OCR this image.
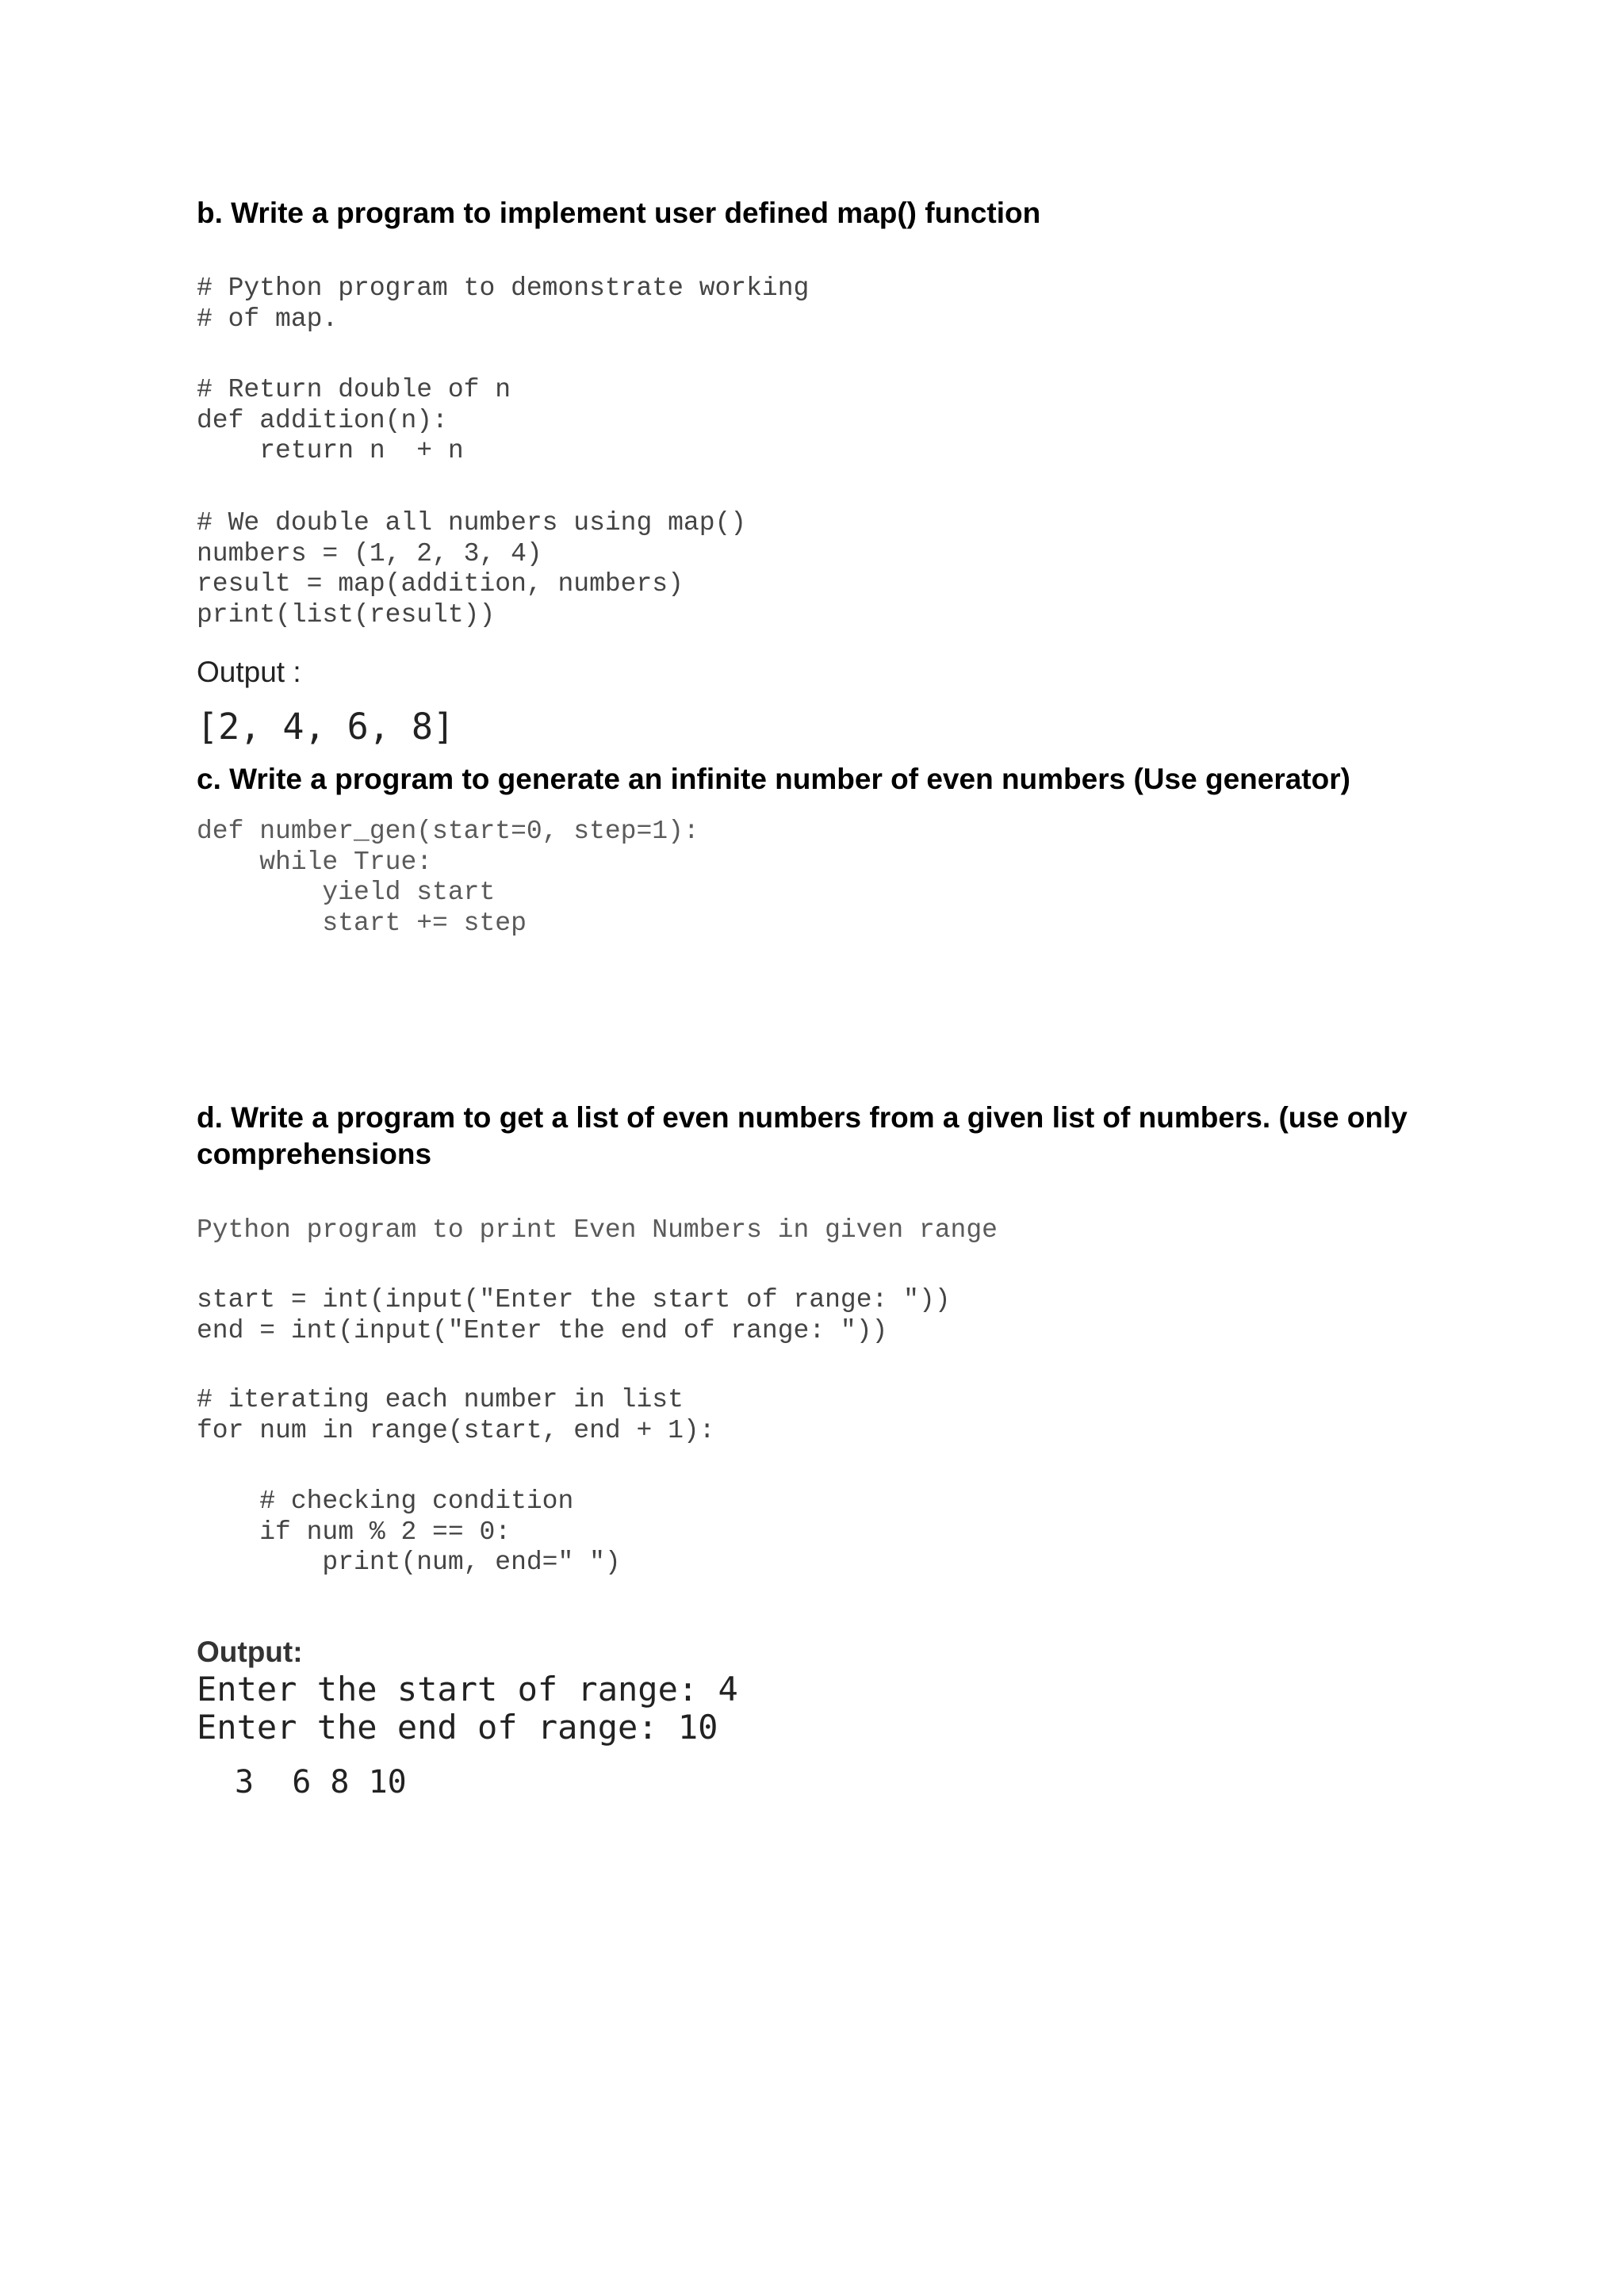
b. Write a program to implement user defined map() function
# Python program to demonstrate working
# of map.
# Return double of n
def addition(n):
return n  + n
# We double all numbers using map()
numbers = (1, 2, 3, 4)
result = map(addition, numbers)
print(list(result))
Output :
[2, 4, 6, 8]
c. Write a program to generate an infinite number of even numbers (Use generator)
def number_gen(start=0, step=1):
while True:
yield start
start += step
d. Write a program to get a list of even numbers from a given list of numbers. (use only
comprehensions
Python program to print Even Numbers in given range
start = int(input("Enter the start of range: "))
end = int(input("Enter the end of range: "))
# iterating each number in list
for num in range(start, end + 1):
# checking condition
if num % 2 == 0:
print(num, end=" ")
Output:
Enter the start of range: 4
Enter the end of range: 10
3  6 8 10
